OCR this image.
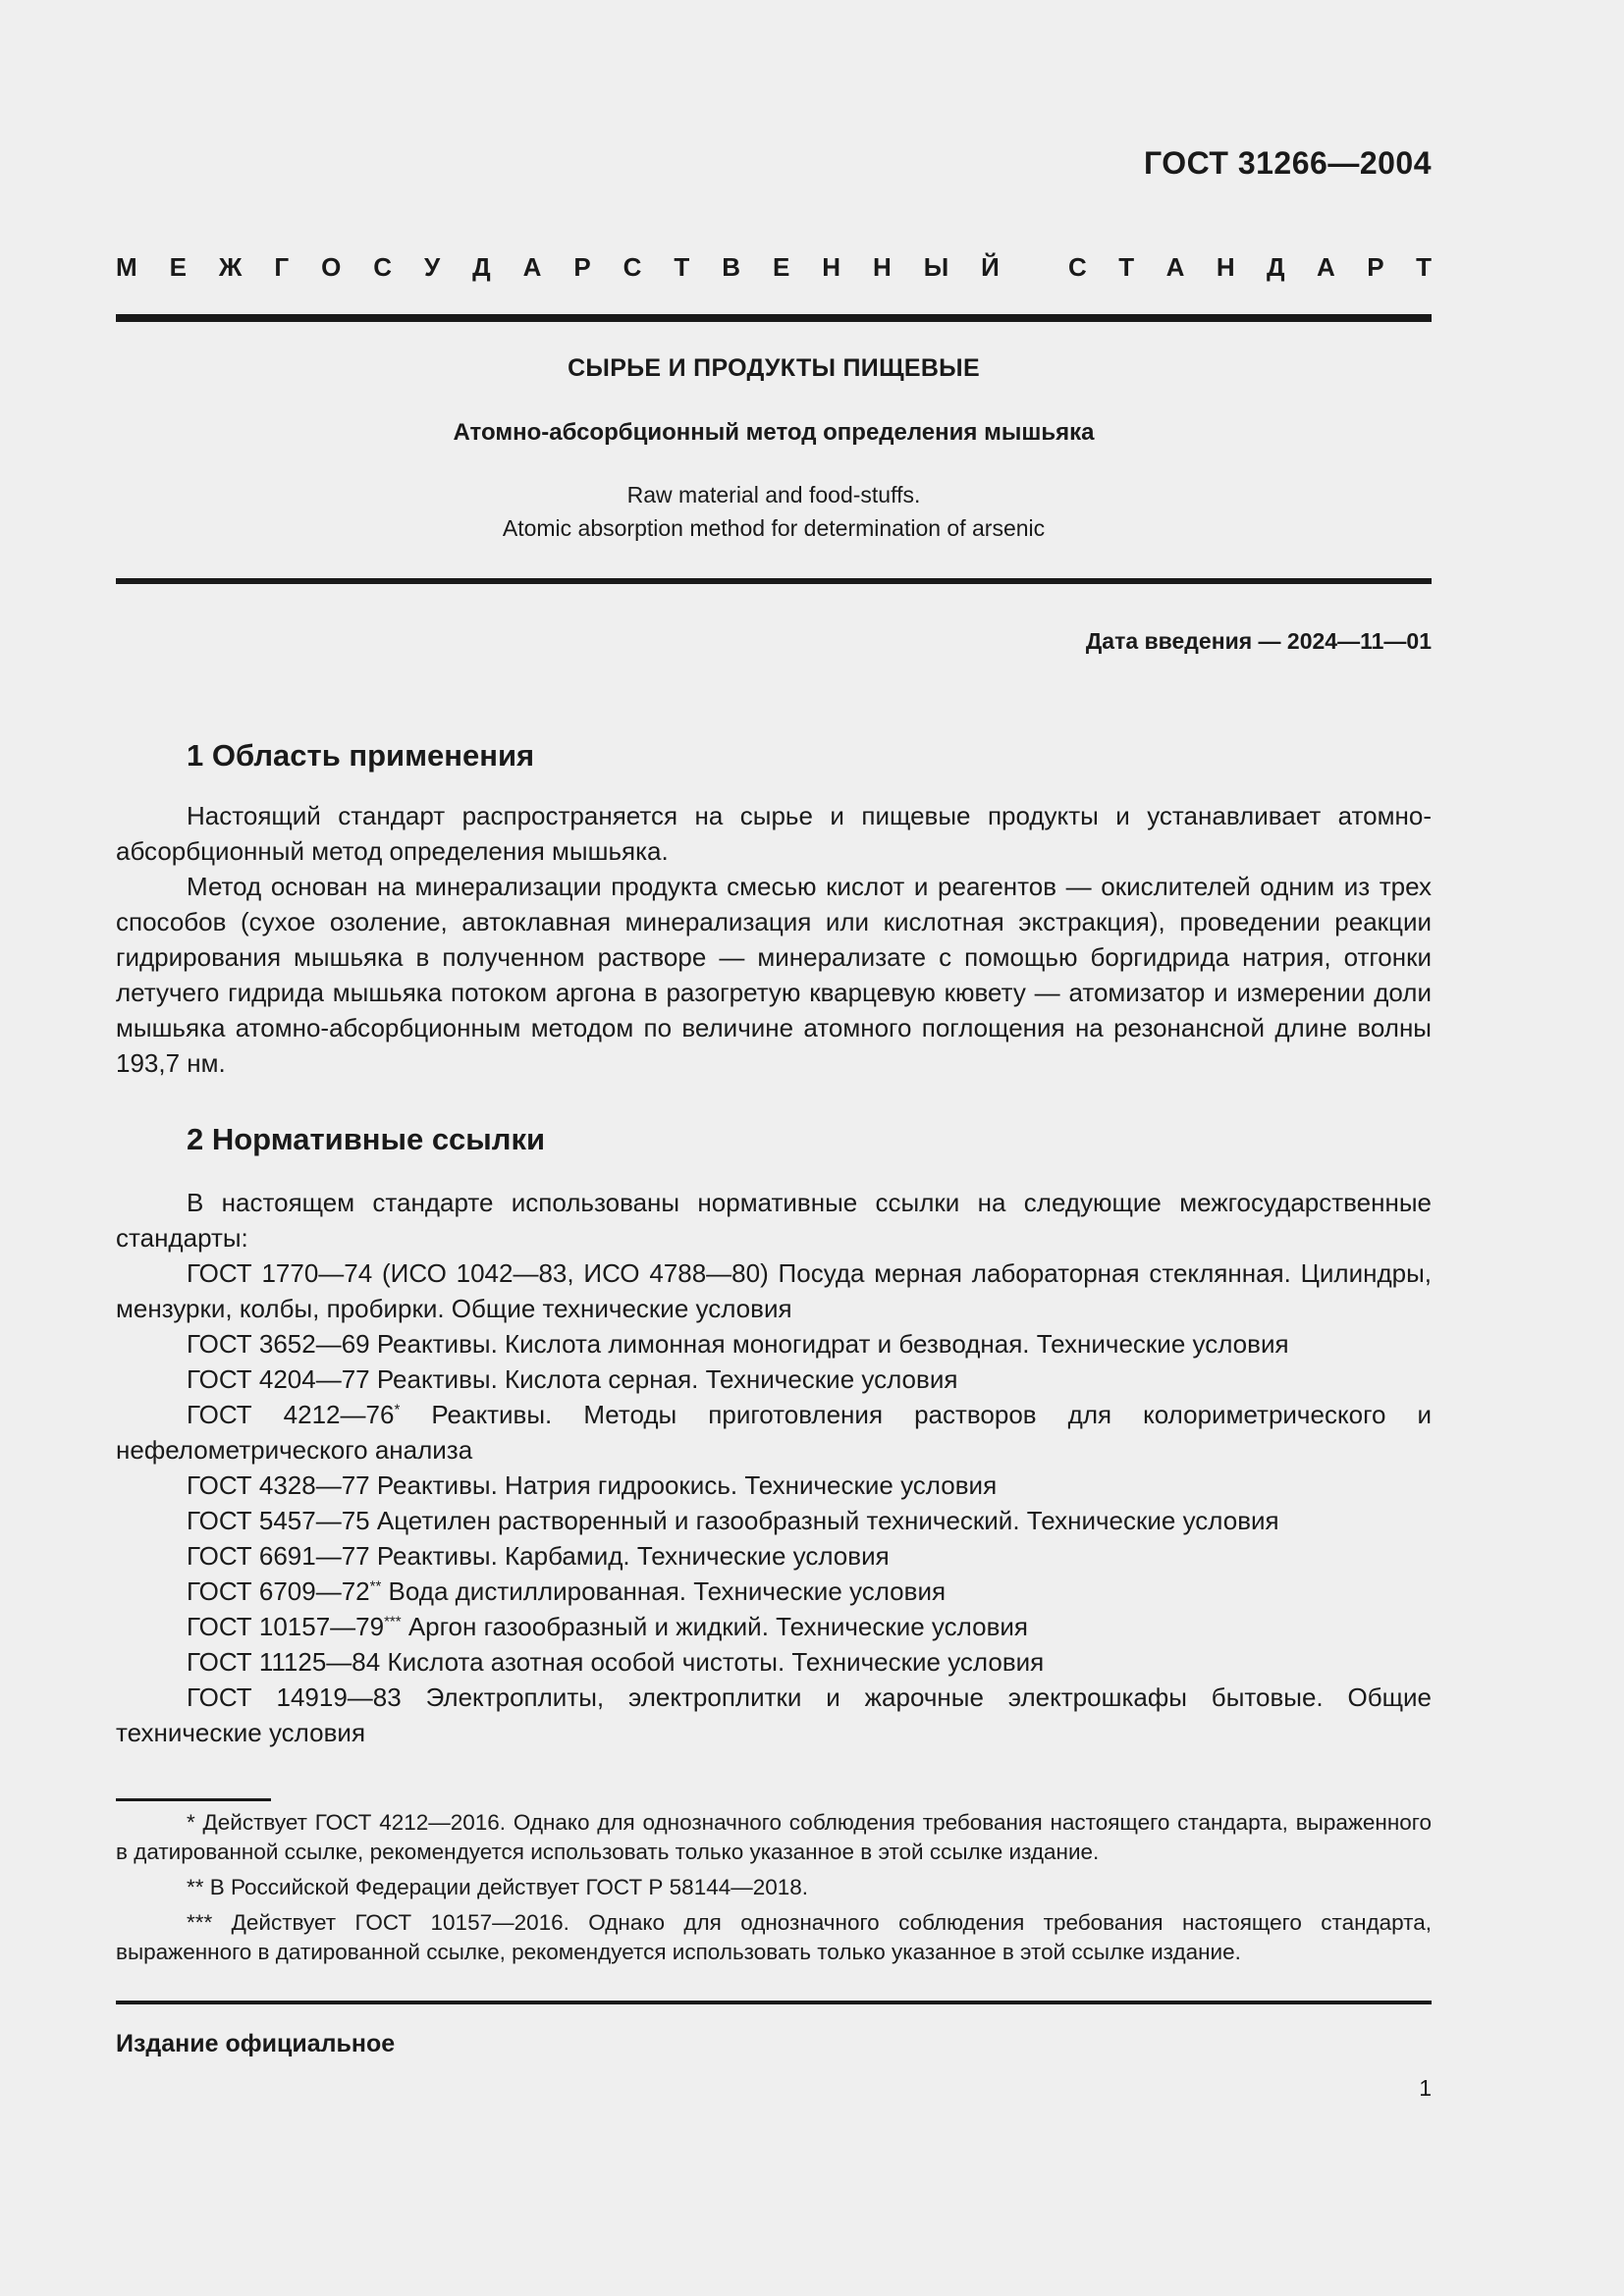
ГОСТ 31266—2004
М Е Ж Г О С У Д А Р С Т В Е Н Н Ы Й	С Т А Н Д А Р Т
СЫРЬЕ И ПРОДУКТЫ ПИЩЕВЫЕ
Атомно-абсорбционный метод определения мышьяка
Raw material and food-stuffs.
Atomic absorption method for determination of arsenic
Дата введения — 2024—11—01
1 Область применения

Настоящий стандарт распространяется на сырье и пищевые продукты и устанавливает атомно-абсорбционный метод определения мышьяка.

Метод основан на минерализации продукта смесью кислот и реагентов — окислителей одним из трех способов (сухое озоление, автоклавная минерализация или кислотная экстракция), проведении реакции гидрирования мышьяка в полученном растворе — минерализате с помощью боргидрида натрия, отгонки летучего гидрида мышьяка потоком аргона в разогретую кварцевую кювету — атомизатор и измерении доли мышьяка атомно-абсорбционным методом по величине атомного поглощения на резонансной длине волны 193,7 нм.

2 Нормативные ссылки

В настоящем стандарте использованы нормативные ссылки на следующие межгосударственные стандарты:

ГОСТ 1770—74 (ИСО 1042—83, ИСО 4788—80) Посуда мерная лабораторная стеклянная. Цилиндры, мензурки, колбы, пробирки. Общие технические условия

ГОСТ 3652—69 Реактивы. Кислота лимонная моногидрат и безводная. Технические условия

ГОСТ 4204—77 Реактивы. Кислота серная. Технические условия

ГОСТ 4212—76* Реактивы. Методы приготовления растворов для колориметрического и нефелометрического анализа

ГОСТ 4328—77 Реактивы. Натрия гидроокись. Технические условия

ГОСТ 5457—75 Ацетилен растворенный и газообразный технический. Технические условия

ГОСТ 6691—77 Реактивы. Карбамид. Технические условия

ГОСТ 6709—72** Вода дистиллированная. Технические условия

ГОСТ 10157—79*** Аргон газообразный и жидкий. Технические условия

ГОСТ 11125—84 Кислота азотная особой чистоты. Технические условия

ГОСТ 14919—83 Электроплиты, электроплитки и жарочные электрошкафы бытовые. Общие технические условия

* Действует ГОСТ 4212—2016. Однако для однозначного соблюдения требования настоящего стандарта, выраженного в датированной ссылке, рекомендуется использовать только указанное в этой ссылке издание.

** В Российской Федерации действует ГОСТ Р 58144—2018.

*** Действует ГОСТ 10157—2016. Однако для однозначного соблюдения требования настоящего стандарта, выраженного в датированной ссылке, рекомендуется использовать только указанное в этой ссылке издание.

Издание официальное
1
